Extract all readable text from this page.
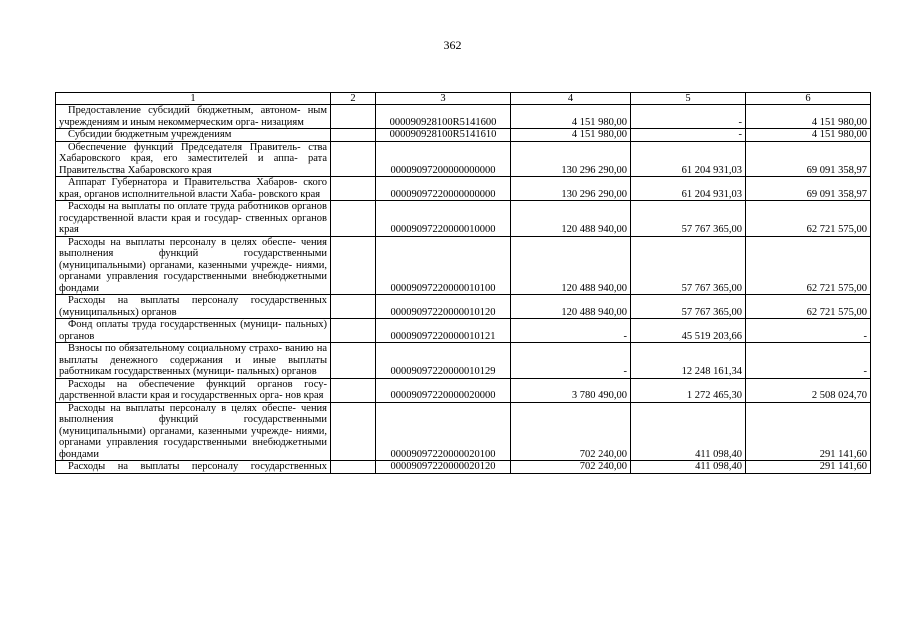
362
1	2	3	4	5	6
Предоставление субсидий бюджетным, автоном- ным учреждениям и иным некоммерческим орга- низациям		000090928100R5141600	4 151 980,00	-	4 151 980,00
Субсидии бюджетным учреждениям		000090928100R5141610	4 151 980,00	-	4 151 980,00
Обеспечение функций Председателя Правитель- ства Хабаровского края, его заместителей и аппа- рата Правительства Хабаровского края		00009097200000000000	130 296 290,00	61 204 931,03	69 091 358,97
Аппарат Губернатора и Правительства Хабаров- ского края, органов исполнительной власти Хаба- ровского края		00009097220000000000	130 296 290,00	61 204 931,03	69 091 358,97
Расходы на выплаты по оплате труда работников органов государственной власти края и государ- ственных органов края		00009097220000010000	120 488 940,00	57 767 365,00	62 721 575,00
Расходы на выплаты персоналу в целях обеспе- чения выполнения функций государственными (муниципальными) органами, казенными учрежде- ниями, органами управления государственными внебюджетными фондами		00009097220000010100	120 488 940,00	57 767 365,00	62 721 575,00
Расходы на выплаты персоналу государственных (муниципальных) органов		00009097220000010120	120 488 940,00	57 767 365,00	62 721 575,00
Фонд оплаты труда государственных (муници- пальных) органов		00009097220000010121	-	45 519 203,66	-
Взносы по обязательному социальному страхо- ванию на выплаты денежного содержания и иные выплаты работникам государственных (муници- пальных) органов		00009097220000010129	-	12 248 161,34	-
Расходы на обеспечение функций органов госу- дарственной власти края и государственных орга- нов края		00009097220000020000	3 780 490,00	1 272 465,30	2 508 024,70
Расходы на выплаты персоналу в целях обеспе- чения выполнения функций государственными (муниципальными) органами, казенными учрежде- ниями, органами управления государственными внебюджетными фондами		00009097220000020100	702 240,00	411 098,40	291 141,60
Расходы на выплаты персоналу государственных		00009097220000020120	702 240,00	411 098,40	291 141,60
